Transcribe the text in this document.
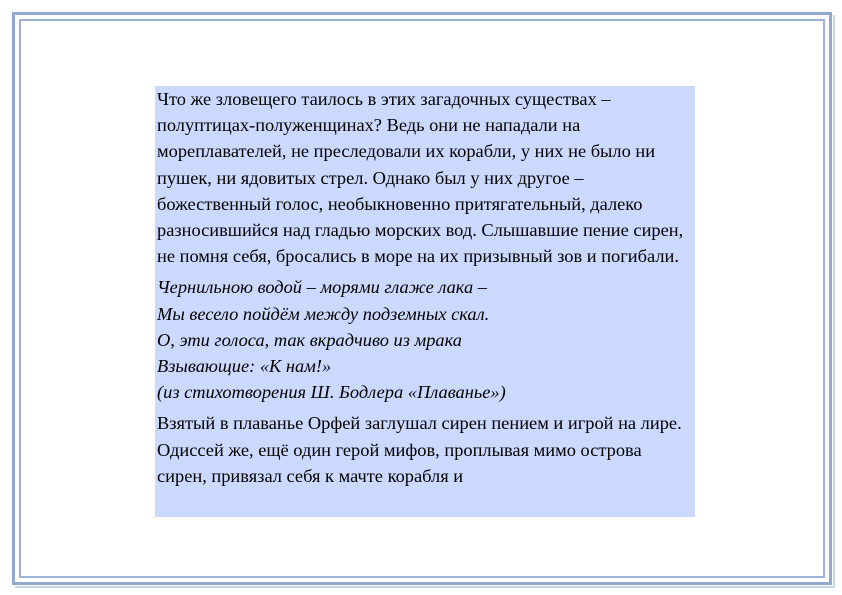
Что же зловещего таилось в этих загадочных существах – полуптицах-полуженщинах? Ведь они не нападали на мореплавателей, не преследовали их корабли, у них не было ни пушек, ни ядовитых стрел. Однако был у них другое – божественный голос, необыкновенно притягательный, далеко разносившийся над гладью морских вод. Слышавшие пение сирен, не помня себя, бросались в море на их призывный зов и погибали.

Чернильною водой – морями глаже лака –
Мы весело пойдём между подземных скал.
О, эти голоса, так вкрадчиво из мрака
Взывающие: «К нам!»
(из стихотворения Ш. Бодлера «Плаванье»)

Взятый в плаванье Орфей заглушал сирен пением и игрой на лире. Одиссей же, ещё один герой мифов, проплывая мимо острова сирен, привязал себя к мачте корабля и
